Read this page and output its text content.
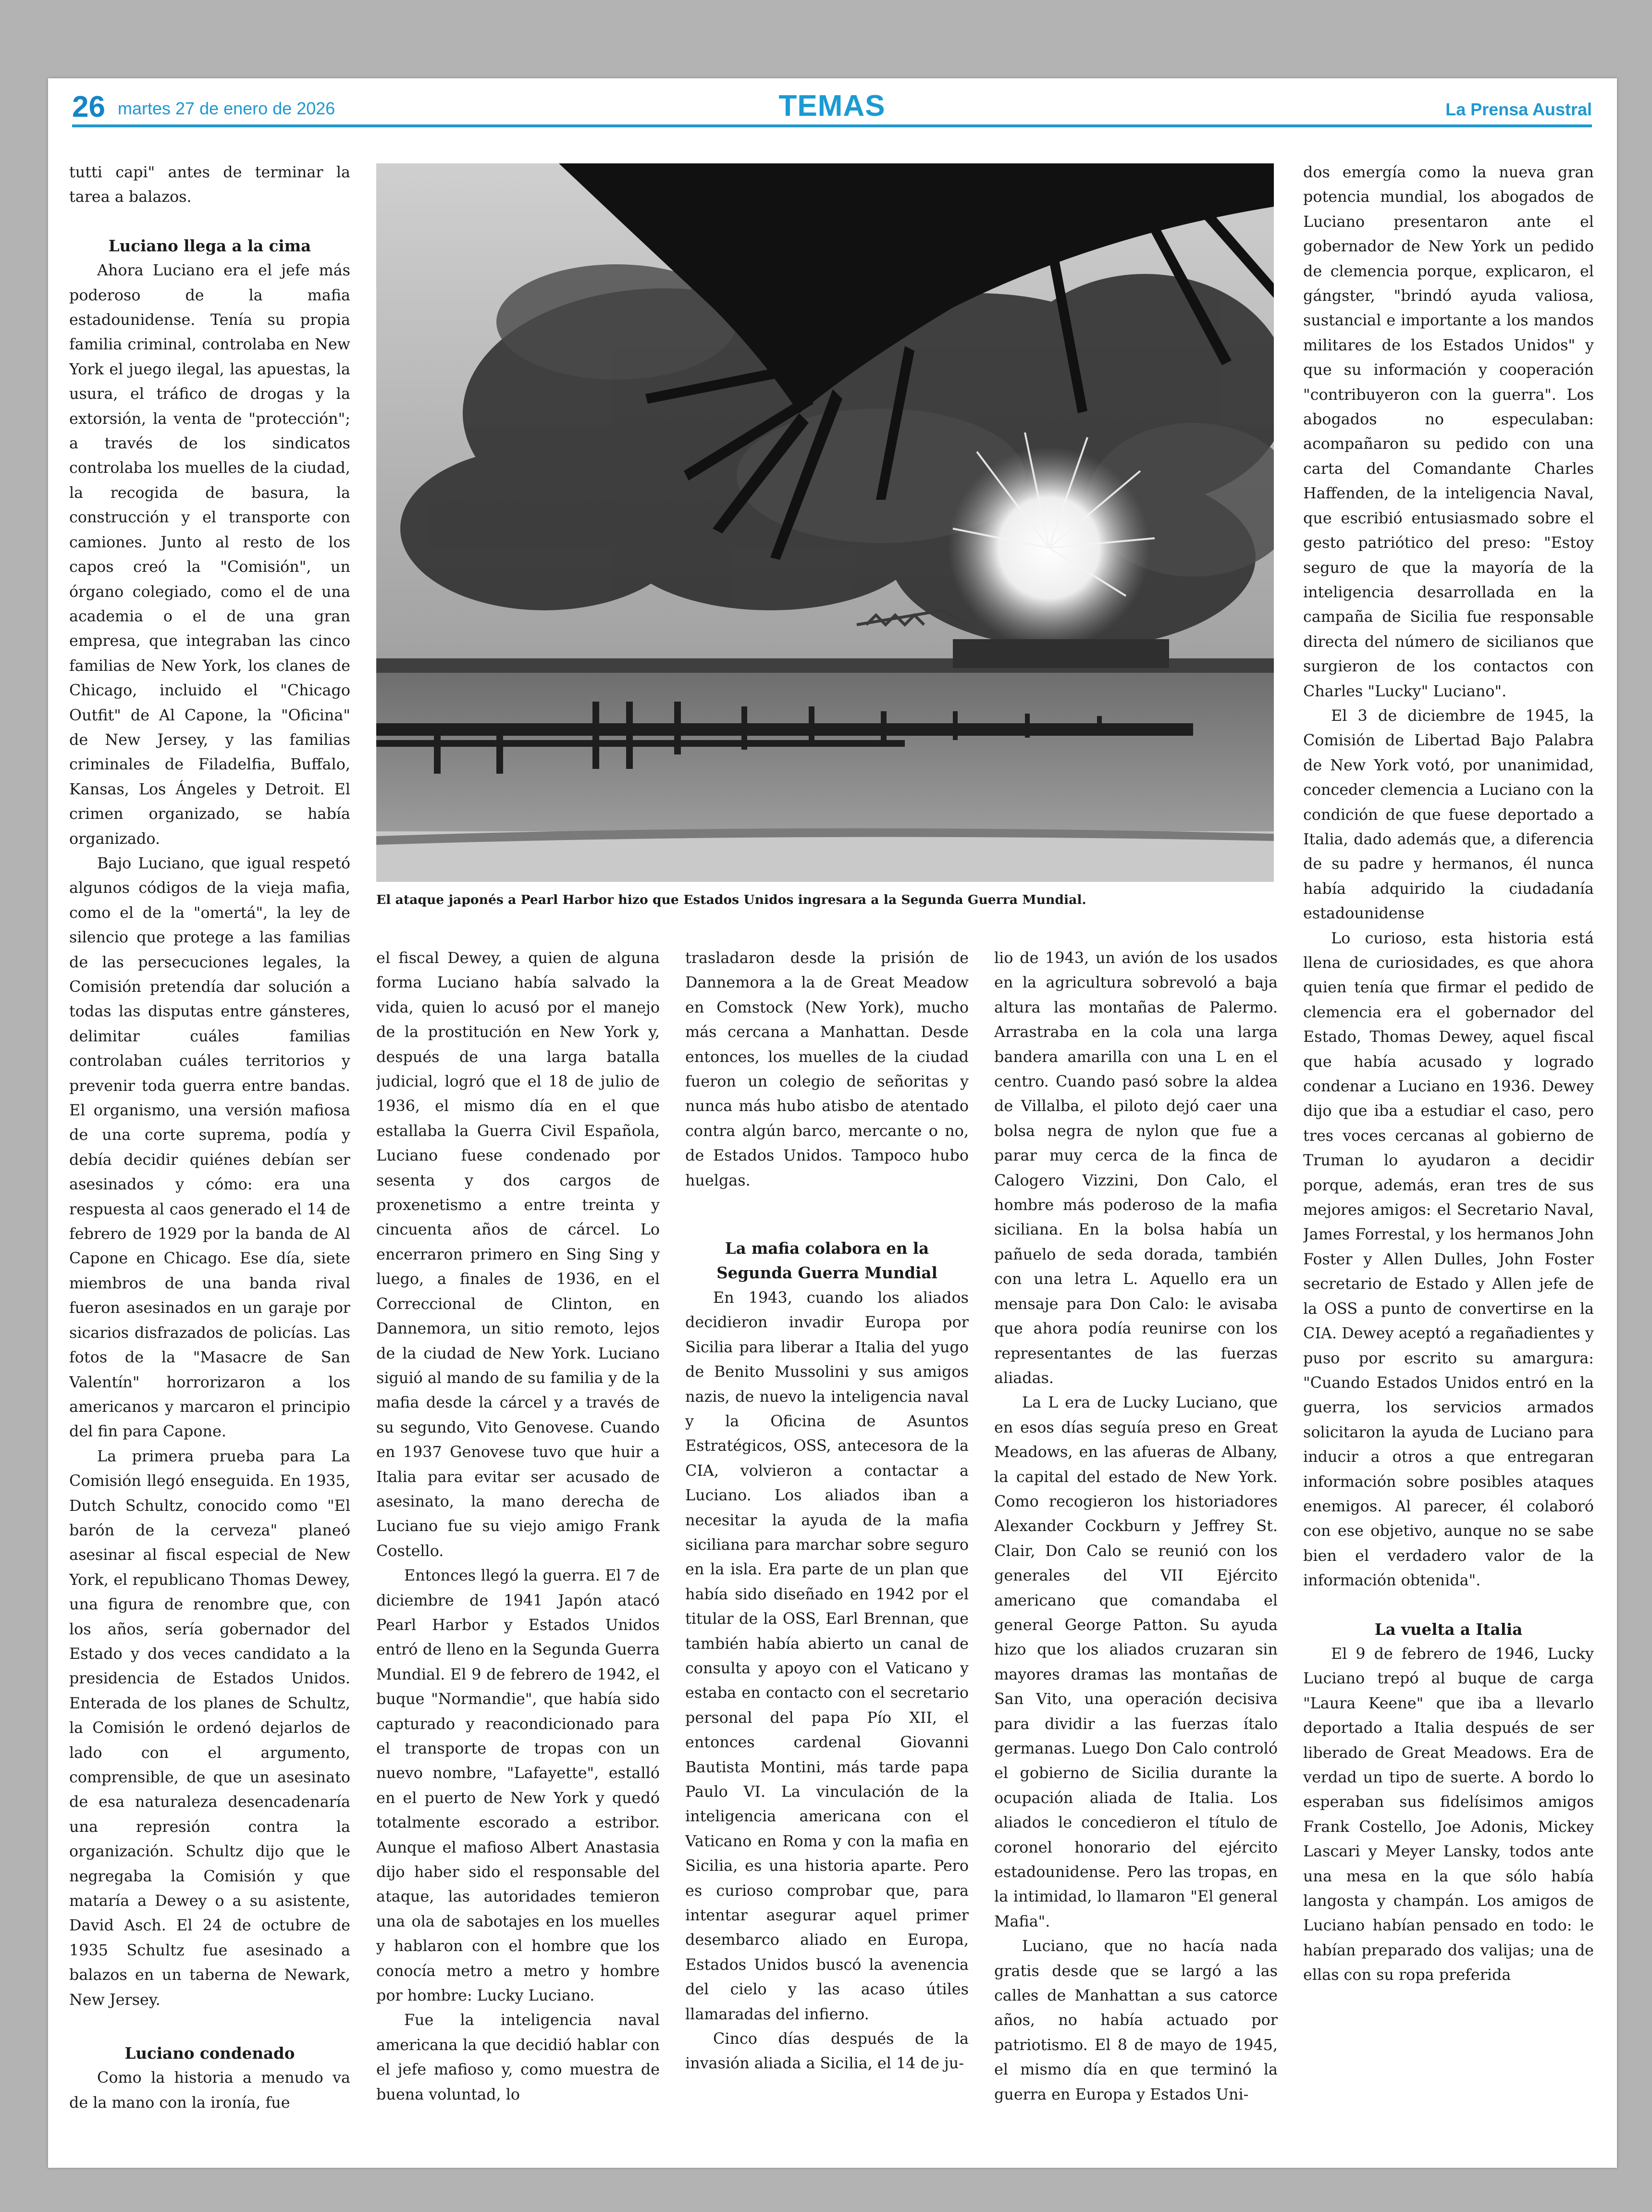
26 martes 27 de enero de 2026	TEMAS	La Prensa Austral

tutti capi" antes de terminar la tarea a balazos.

Luciano llega a la cima

Ahora Luciano era el jefe más poderoso de la mafia estadounidense. Tenía su propia familia criminal, controlaba en New York el juego ilegal, las apuestas, la usura, el tráfico de drogas y la extorsión, la venta de "protección"; a través de los sindicatos controlaba los muelles de la ciudad, la recogida de basura, la construcción y el transporte con camiones. Junto al resto de los capos creó la "Comisión", un órgano colegiado, como el de una academia o el de una gran empresa, que integraban las cinco familias de New York, los clanes de Chicago, incluido el "Chicago Outfit" de Al Capone, la "Oficina" de New Jersey, y las familias criminales de Filadelfia, Buffalo, Kansas, Los Ángeles y Detroit. El crimen organizado, se había organizado.

Bajo Luciano, que igual respetó algunos códigos de la vieja mafia, como el de la "omertá", la ley de silencio que protege a las familias de las persecuciones legales, la Comisión pretendía dar solución a todas las disputas entre gánsteres, delimitar cuáles familias controlaban cuáles territorios y prevenir toda guerra entre bandas. El organismo, una versión mafiosa de una corte suprema, podía y debía decidir quiénes debían ser asesinados y cómo: era una respuesta al caos generado el 14 de febrero de 1929 por la banda de Al Capone en Chicago. Ese día, siete miembros de una banda rival fueron asesinados en un garaje por sicarios disfrazados de policías. Las fotos de la "Masacre de San Valentín" horrorizaron a los americanos y marcaron el principio del fin para Capone.

La primera prueba para La Comisión llegó enseguida. En 1935, Dutch Schultz, conocido como "El barón de la cerveza" planeó asesinar al fiscal especial de New York, el republicano Thomas Dewey, una figura de renombre que, con los años, sería gobernador del Estado y dos veces candidato a la presidencia de Estados Unidos. Enterada de los planes de Schultz, la Comisión le ordenó dejarlos de lado con el argumento, comprensible, de que un asesinato de esa naturaleza desencadenaría una represión contra la organización. Schultz dijo que le negregaba la Comisión y que mataría a Dewey o a su asistente, David Asch. El 24 de octubre de 1935 Schultz fue asesinado a balazos en un taberna de Newark, New Jersey.

Luciano condenado

Como la historia a menudo va de la mano con la ironía, fue

El ataque japonés a Pearl Harbor hizo que Estados Unidos ingresara a la Segunda Guerra Mundial.

el fiscal Dewey, a quien de alguna forma Luciano había salvado la vida, quien lo acusó por el manejo de la prostitución en New York y, después de una larga batalla judicial, logró que el 18 de julio de 1936, el mismo día en el que estallaba la Guerra Civil Española, Luciano fuese condenado por sesenta y dos cargos de proxenetismo a entre treinta y cincuenta años de cárcel. Lo encerraron primero en Sing Sing y luego, a finales de 1936, en el Correccional de Clinton, en Dannemora, un sitio remoto, lejos de la ciudad de New York. Luciano siguió al mando de su familia y de la mafia desde la cárcel y a través de su segundo, Vito Genovese. Cuando en 1937 Genovese tuvo que huir a Italia para evitar ser acusado de asesinato, la mano derecha de Luciano fue su viejo amigo Frank Costello.

Entonces llegó la guerra. El 7 de diciembre de 1941 Japón atacó Pearl Harbor y Estados Unidos entró de lleno en la Segunda Guerra Mundial. El 9 de febrero de 1942, el buque "Normandie", que había sido capturado y reacondicionado para el transporte de tropas con un nuevo nombre, "Lafayette", estalló en el puerto de New York y quedó totalmente escorado a estribor. Aunque el mafioso Albert Anastasia dijo haber sido el responsable del ataque, las autoridades temieron una ola de sabotajes en los muelles y hablaron con el hombre que los conocía metro a metro y hombre por hombre: Lucky Luciano.

Fue la inteligencia naval americana la que decidió hablar con el jefe mafioso y, como muestra de buena voluntad, lo

trasladaron desde la prisión de Dannemora a la de Great Meadow en Comstock (New York), mucho más cercana a Manhattan. Desde entonces, los muelles de la ciudad fueron un colegio de señoritas y nunca más hubo atisbo de atentado contra algún barco, mercante o no, de Estados Unidos. Tampoco hubo huelgas.

La mafia colabora en la Segunda Guerra Mundial

En 1943, cuando los aliados decidieron invadir Europa por Sicilia para liberar a Italia del yugo de Benito Mussolini y sus amigos nazis, de nuevo la inteligencia naval y la Oficina de Asuntos Estratégicos, OSS, antecesora de la CIA, volvieron a contactar a Luciano. Los aliados iban a necesitar la ayuda de la mafia siciliana para marchar sobre seguro en la isla. Era parte de un plan que había sido diseñado en 1942 por el titular de la OSS, Earl Brennan, que también había abierto un canal de consulta y apoyo con el Vaticano y estaba en contacto con el secretario personal del papa Pío XII, el entonces cardenal Giovanni Bautista Montini, más tarde papa Paulo VI. La vinculación de la inteligencia americana con el Vaticano en Roma y con la mafia en Sicilia, es una historia aparte. Pero es curioso comprobar que, para intentar asegurar aquel primer desembarco aliado en Europa, Estados Unidos buscó la avenencia del cielo y las acaso útiles llamaradas del infierno.

Cinco días después de la invasión aliada a Sicilia, el 14 de ju-

lio de 1943, un avión de los usados en la agricultura sobrevoló a baja altura las montañas de Palermo. Arrastraba en la cola una larga bandera amarilla con una L en el centro. Cuando pasó sobre la aldea de Villalba, el piloto dejó caer una bolsa negra de nylon que fue a parar muy cerca de la finca de Calogero Vizzini, Don Calo, el hombre más poderoso de la mafia siciliana. En la bolsa había un pañuelo de seda dorada, también con una letra L. Aquello era un mensaje para Don Calo: le avisaba que ahora podía reunirse con los representantes de las fuerzas aliadas.

La L era de Lucky Luciano, que en esos días seguía preso en Great Meadows, en las afueras de Albany, la capital del estado de New York. Como recogieron los historiadores Alexander Cockburn y Jeffrey St. Clair, Don Calo se reunió con los generales del VII Ejército americano que comandaba el general George Patton. Su ayuda hizo que los aliados cruzaran sin mayores dramas las montañas de San Vito, una operación decisiva para dividir a las fuerzas ítalo germanas. Luego Don Calo controló el gobierno de Sicilia durante la ocupación aliada de Italia. Los aliados le concedieron el título de coronel honorario del ejército estadounidense. Pero las tropas, en la intimidad, lo llamaron "El general Mafia".

Luciano, que no hacía nada gratis desde que se largó a las calles de Manhattan a sus catorce años, no había actuado por patriotismo. El 8 de mayo de 1945, el mismo día en que terminó la guerra en Europa y Estados Uni-

dos emergía como la nueva gran potencia mundial, los abogados de Luciano presentaron ante el gobernador de New York un pedido de clemencia porque, explicaron, el gángster, "brindó ayuda valiosa, sustancial e importante a los mandos militares de los Estados Unidos" y que su información y cooperación "contribuyeron con la guerra". Los abogados no especulaban: acompañaron su pedido con una carta del Comandante Charles Haffenden, de la inteligencia Naval, que escribió entusiasmado sobre el gesto patriótico del preso: "Estoy seguro de que la mayoría de la inteligencia desarrollada en la campaña de Sicilia fue responsable directa del número de sicilianos que surgieron de los contactos con Charles "Lucky" Luciano".

El 3 de diciembre de 1945, la Comisión de Libertad Bajo Palabra de New York votó, por unanimidad, conceder clemencia a Luciano con la condición de que fuese deportado a Italia, dado además que, a diferencia de su padre y hermanos, él nunca había adquirido la ciudadanía estadounidense

Lo curioso, esta historia está llena de curiosidades, es que ahora quien tenía que firmar el pedido de clemencia era el gobernador del Estado, Thomas Dewey, aquel fiscal que había acusado y logrado condenar a Luciano en 1936. Dewey dijo que iba a estudiar el caso, pero tres voces cercanas al gobierno de Truman lo ayudaron a decidir porque, además, eran tres de sus mejores amigos: el Secretario Naval, James Forrestal, y los hermanos John Foster y Allen Dulles, John Foster secretario de Estado y Allen jefe de la OSS a punto de convertirse en la CIA. Dewey aceptó a regañadientes y puso por escrito su amargura: "Cuando Estados Unidos entró en la guerra, los servicios armados solicitaron la ayuda de Luciano para inducir a otros a que entregaran información sobre posibles ataques enemigos. Al parecer, él colaboró con ese objetivo, aunque no se sabe bien el verdadero valor de la información obtenida".

La vuelta a Italia

El 9 de febrero de 1946, Lucky Luciano trepó al buque de carga "Laura Keene" que iba a llevarlo deportado a Italia después de ser liberado de Great Meadows. Era de verdad un tipo de suerte. A bordo lo esperaban sus fidelísimos amigos Frank Costello, Joe Adonis, Mickey Lascari y Meyer Lansky, todos ante una mesa en la que sólo había langosta y champán. Los amigos de Luciano habían pensado en todo: le habían preparado dos valijas; una de ellas con su ropa preferida
